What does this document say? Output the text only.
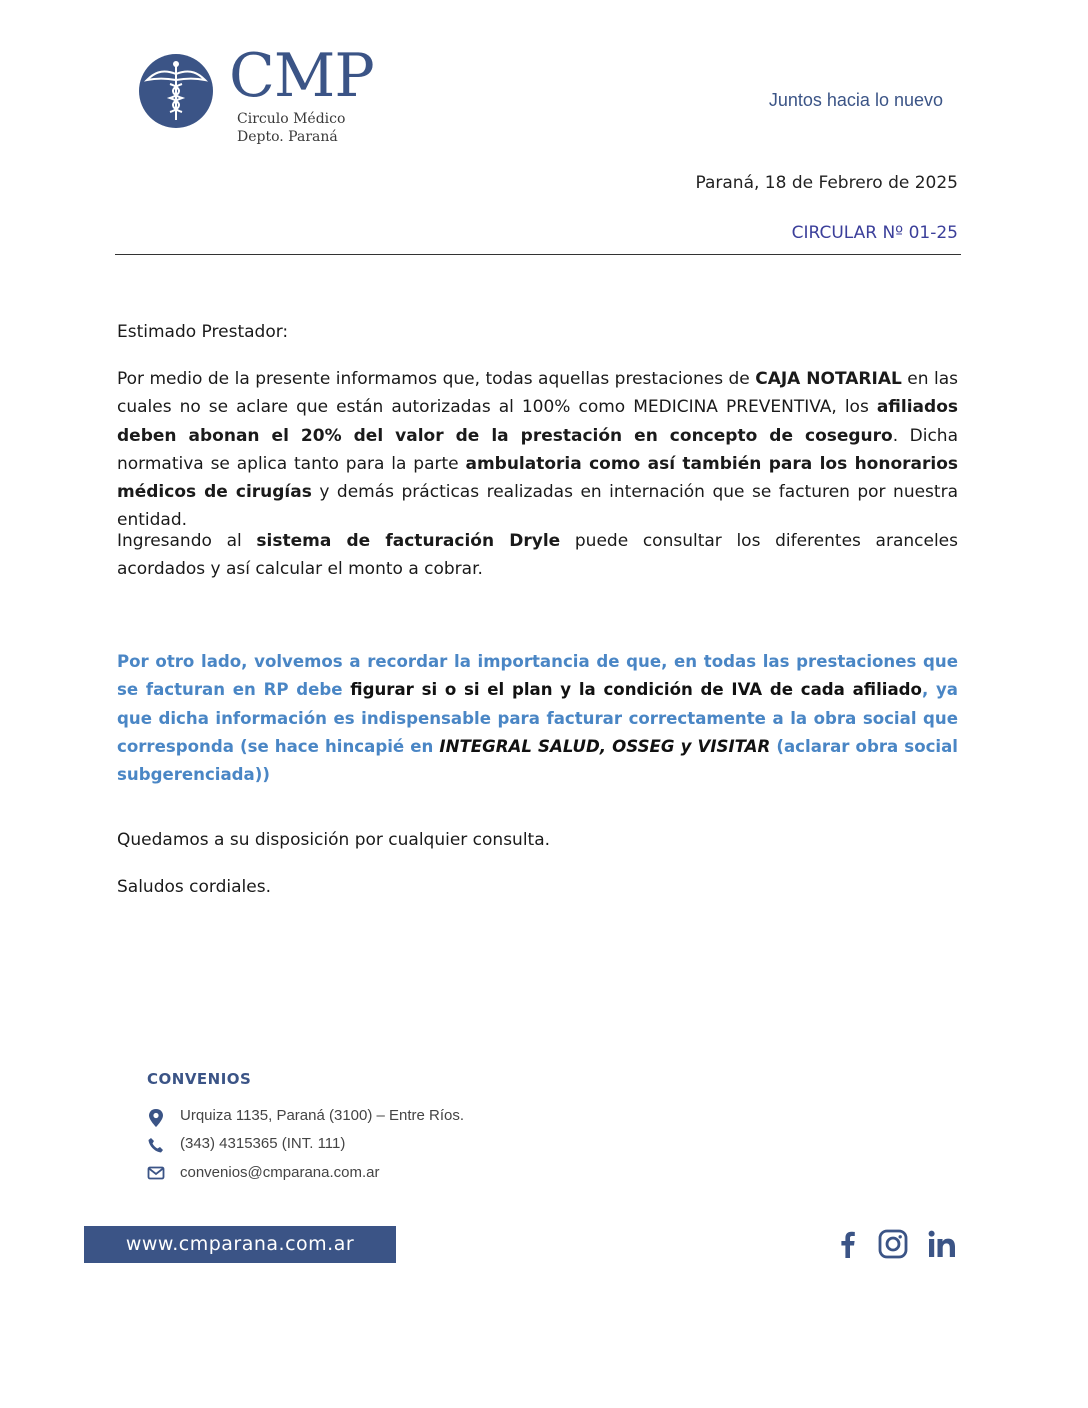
CMP
Circulo Médico
Depto. Paraná
Juntos hacia lo nuevo
Paraná, 18 de Febrero de 2025
CIRCULAR Nº 01-25
Estimado Prestador:
Por medio de la presente informamos que, todas aquellas prestaciones de CAJA NOTARIAL en las cuales no se aclare que están autorizadas al 100% como MEDICINA PREVENTIVA, los afiliados deben abonan el 20% del valor de la prestación en concepto de coseguro. Dicha normativa se aplica tanto para la parte ambulatoria como así también para los honorarios médicos de cirugías y demás prácticas realizadas en internación que se facturen por nuestra entidad.
Ingresando al sistema de facturación Dryle puede consultar los diferentes aranceles acordados y así calcular el monto a cobrar.
Por otro lado, volvemos a recordar la importancia de que, en todas las prestaciones que se facturan en RP debe figurar si o si el plan y la condición de IVA de cada afiliado, ya que dicha información es indispensable para facturar correctamente a la obra social que corresponda (se hace hincapié en INTEGRAL SALUD, OSSEG y VISITAR (aclarar obra social subgerenciada))
Quedamos a su disposición por cualquier consulta.
Saludos cordiales.
CONVENIOS
Urquiza 1135, Paraná (3100) – Entre Ríos.
(343) 4315365 (INT. 111)
convenios@cmparana.com.ar
www.cmparana.com.ar
